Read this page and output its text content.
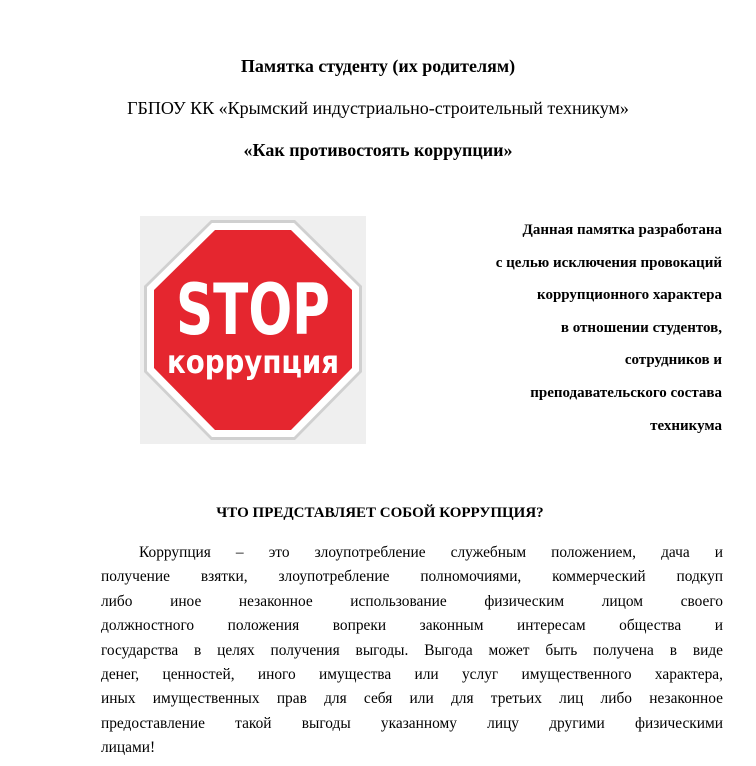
Памятка студенту (их родителям)
ГБПОУ КК «Крымский индустриально-строительный техникум»
«Как противостоять коррупции»
STOP
коррупция
Данная памятка разработана
с целью исключения провокаций
коррупционного характера
в отношении студентов,
сотрудников и
преподавательского состава
техникума
ЧТО ПРЕДСТАВЛЯЕТ СОБОЙ КОРРУПЦИЯ?
Коррупция – это злоупотребление служебным положением, дача и
получение взятки, злоупотребление полномочиями, коммерческий подкуп
либо иное незаконное использование физическим лицом своего
должностного положения вопреки законным интересам общества и
государства в целях получения выгоды. Выгода может быть получена в виде
денег, ценностей, иного имущества или услуг имущественного характера,
иных имущественных прав для себя или для третьих лиц либо незаконное
предоставление такой выгоды указанному лицу другими физическими
лицами!
